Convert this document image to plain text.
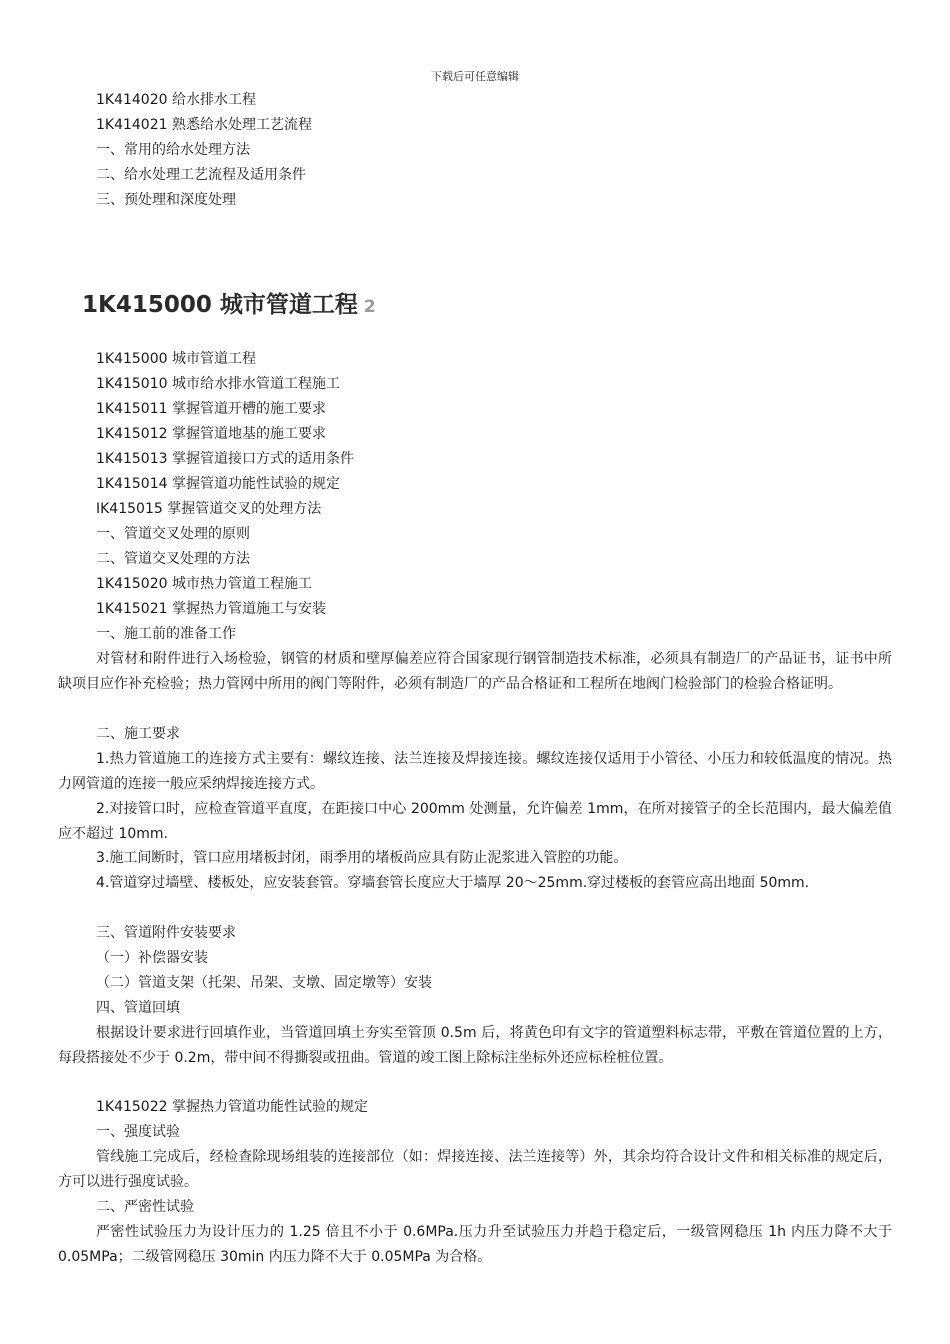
下载后可任意编辑
1K414020 给水排水工程
1K414021 熟悉给水处理工艺流程
一、常用的给水处理方法
二、给水处理工艺流程及适用条件
三、预处理和深度处理
1K415000 城市管道工程 2
1K415000 城市管道工程
1K415010 城市给水排水管道工程施工
1K415011 掌握管道开槽的施工要求
1K415012 掌握管道地基的施工要求
1K415013 掌握管道接口方式的适用条件
1K415014 掌握管道功能性试验的规定
IK415015 掌握管道交叉的处理方法
一、管道交叉处理的原则
二、管道交叉处理的方法
1K415020 城市热力管道工程施工
1K415021 掌握热力管道施工与安装
一、施工前的准备工作
对管材和附件进行入场检验，钢管的材质和壁厚偏差应符合国家现行钢管制造技术标准，必须具有制造厂的产品证书，证书中所缺项目应作补充检验；热力管网中所用的阀门等附件，必须有制造厂的产品合格证和工程所在地阀门检验部门的检验合格证明。
二、施工要求
1.热力管道施工的连接方式主要有：螺纹连接、法兰连接及焊接连接。螺纹连接仅适用于小管径、小压力和较低温度的情况。热力网管道的连接一般应采纳焊接连接方式。
2.对接管口时，应检查管道平直度，在距接口中心 200mm 处测量，允许偏差 1mm，在所对接管子的全长范围内，最大偏差值应不超过 10mm.
3.施工间断时，管口应用堵板封闭，雨季用的堵板尚应具有防止泥浆进入管腔的功能。
4.管道穿过墙壁、楼板处，应安装套管。穿墙套管长度应大于墙厚 20～25mm.穿过楼板的套管应高出地面 50mm.
三、管道附件安装要求
（一）补偿器安装
（二）管道支架（托架、吊架、支墩、固定墩等）安装
四、管道回填
根据设计要求进行回填作业，当管道回填土夯实至管顶 0.5m 后，将黄色印有文字的管道塑料标志带，平敷在管道位置的上方，每段搭接处不少于 0.2m，带中间不得撕裂或扭曲。管道的竣工图上除标注坐标外还应标栓桩位置。
1K415022 掌握热力管道功能性试验的规定
一、强度试验
管线施工完成后，经检查除现场组装的连接部位（如：焊接连接、法兰连接等）外，其余均符合设计文件和相关标准的规定后，方可以进行强度试验。
二、严密性试验
严密性试验压力为设计压力的 1.25 倍且不小于 0.6MPa.压力升至试验压力并趋于稳定后，一级管网稳压 1h 内压力降不大于 0.05MPa；二级管网稳压 30min 内压力降不大于 0.05MPa 为合格。
